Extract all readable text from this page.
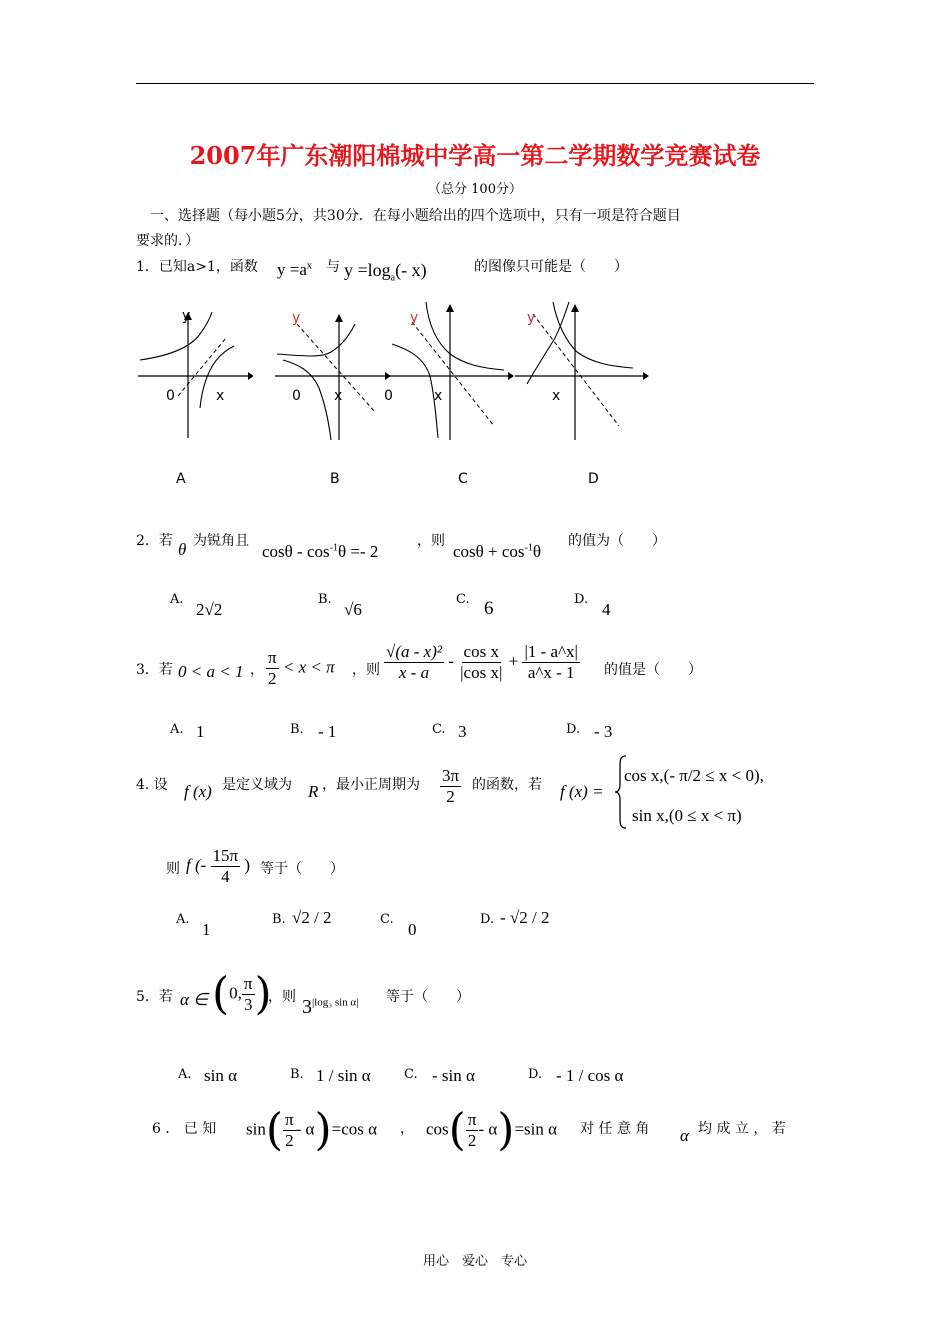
2007年广东潮阳棉城中学高一第二学期数学竞赛试卷
（总分 100分）
一、选择题（每小题5分，共30分．在每小题给出的四个选项中，只有一项是符合题目
要求的．）
1．已知a>1，函数 $y =a^x$ 与 $y =\log_a(-$ x)	的图像只可能是（　　）
y
0	x
A
y
0 x
B
0
y
x
C
y
x
D
2．若 θ 为锐角且
$\cos\theta - \cos^{-1}\theta =- 2$
，则
$\cos\theta + \cos^{-1}\theta$
的值为（　　）
A.
2√2
B.
√6
C. 6	D.
4
3．若 0 < a < 1 ， $\frac{\pi}{2} < x < \pi$ ，则 $\frac{\text{√(a - x)²}}{x - a} - \frac{\text{cos x}}{\text{|cos x|}} + \frac{|1 - a\^{}x|}{a\^{}x - 1}$ 的值是（　　）
A. 1	B. - 1	C. 3	D. - 3
4. 设 f (x) 是定义域为 R ，最小正周期为 $\frac{3\pi}{2}$ 的函数，若 f (x) =
cos x,(- π/2 ≤ x < 0),
sin x,(0 ≤ x < π)
则 f (- $\frac{15\pi}{4}$ ) 等于（　　）
A.
1
B. √2 / 2	C.
0
D. - √2 / 2
5．若 α ∈ (0, $\frac{\pi}{3}$ )
，则 $3^{|log_3 sin \alpha|}$ 等于（　　）
A. sin α	B. 1 / sin α	C. - sin α	D. - 1 / cos α
6 ． 已 知 $\sin( \frac{\pi}{2} - \alpha)=\cos$ α ， $\cos( \frac{\pi}{2} - \alpha)=\sin$ α 对 任 意 角 α 均 成 立 ， 若
用心　爱心　专心
